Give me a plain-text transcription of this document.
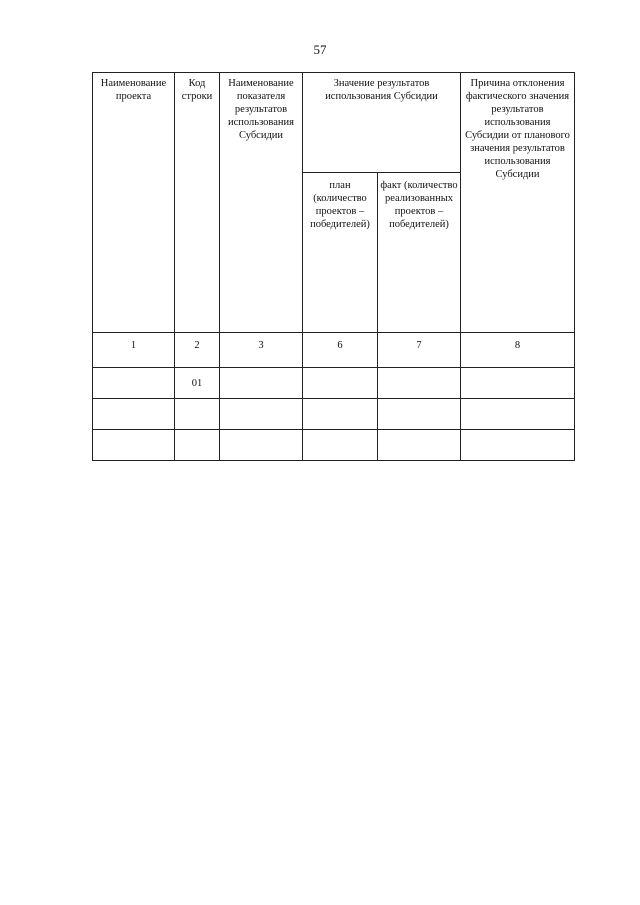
57
Наименование проекта	Код строки	Наименование показателя результатов использования Субсидии	Значение результатов использования Субсидии		Причина отклонения фактического значения результатов использования Субсидии от планового значения результатов использования Субсидии
			план (количество проектов – победителей)	факт (количество реализованных проектов – победителей)	
1	2	3	6	7	8
	01				
